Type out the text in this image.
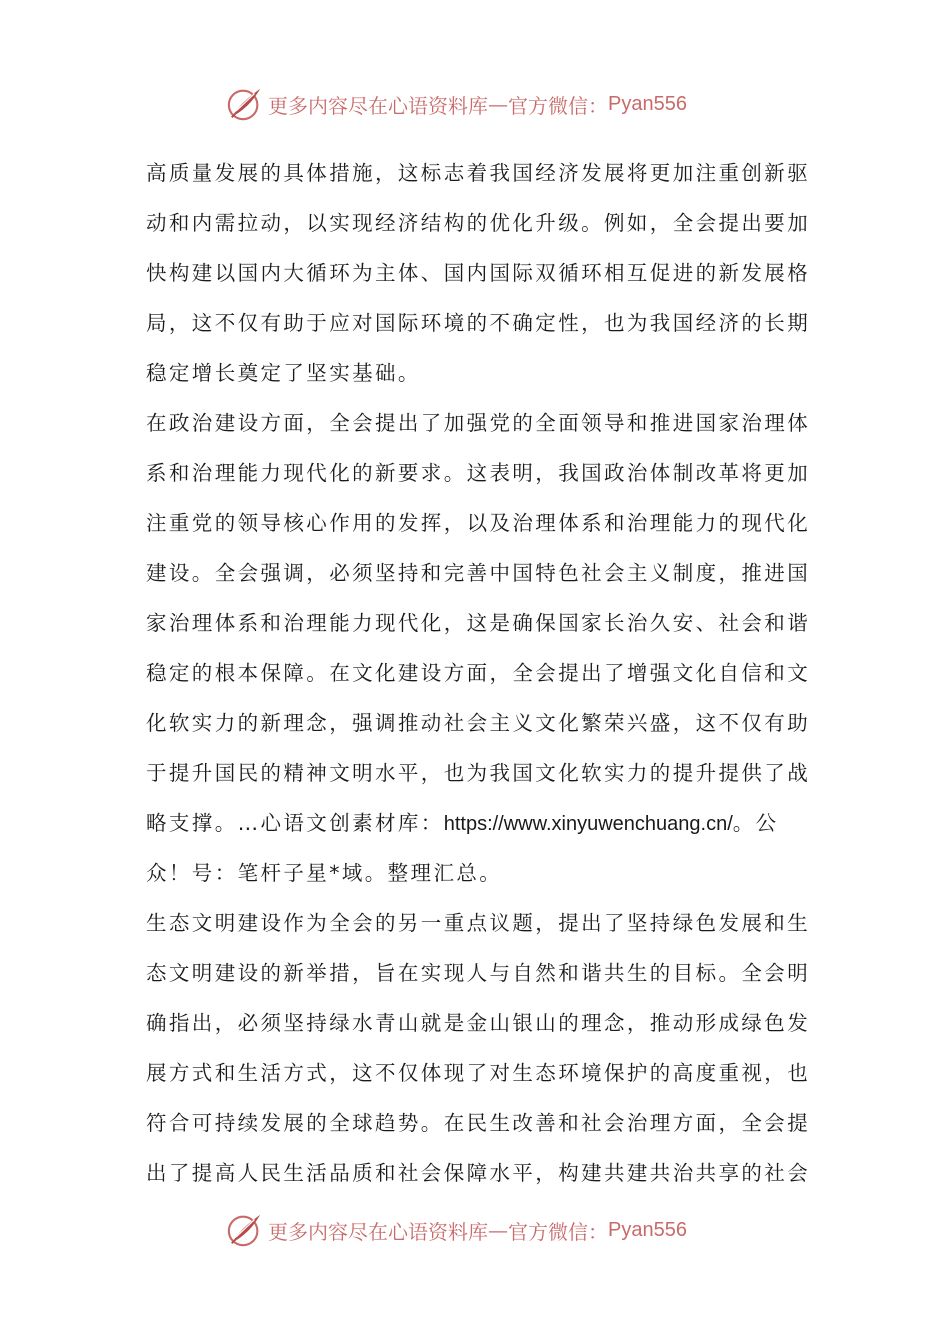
更多内容尽在心语资料库 — 官方微信： Pyan556
高质量发展的具体措施，这标志着我国经济发展将更加注重创新驱
动和内需拉动，以实现经济结构的优化升级。例如，全会提出要加
快构建以国内大循环为主体、国内国际双循环相互促进的新发展格
局，这不仅有助于应对国际环境的不确定性，也为我国经济的长期
稳定增长奠定了坚实基础。
在政治建设方面，全会提出了加强党的全面领导和推进国家治理体
系和治理能力现代化的新要求。这表明，我国政治体制改革将更加
注重党的领导核心作用的发挥，以及治理体系和治理能力的现代化
建设。全会强调，必须坚持和完善中国特色社会主义制度，推进国
家治理体系和治理能力现代化，这是确保国家长治久安、社会和谐
稳定的根本保障。在文化建设方面，全会提出了增强文化自信和文
化软实力的新理念，强调推动社会主义文化繁荣兴盛，这不仅有助
于提升国民的精神文明水平，也为我国文化软实力的提升提供了战
略支撑。…心语文创素材库：https://www.xinyuwenchuang.cn/。公
众！号：笔杆子星*域。整理汇总。
生态文明建设作为全会的另一重点议题，提出了坚持绿色发展和生
态文明建设的新举措，旨在实现人与自然和谐共生的目标。全会明
确指出，必须坚持绿水青山就是金山银山的理念，推动形成绿色发
展方式和生活方式，这不仅体现了对生态环境保护的高度重视，也
符合可持续发展的全球趋势。在民生改善和社会治理方面，全会提
出了提高人民生活品质和社会保障水平，构建共建共治共享的社会
更多内容尽在心语资料库 — 官方微信： Pyan556
